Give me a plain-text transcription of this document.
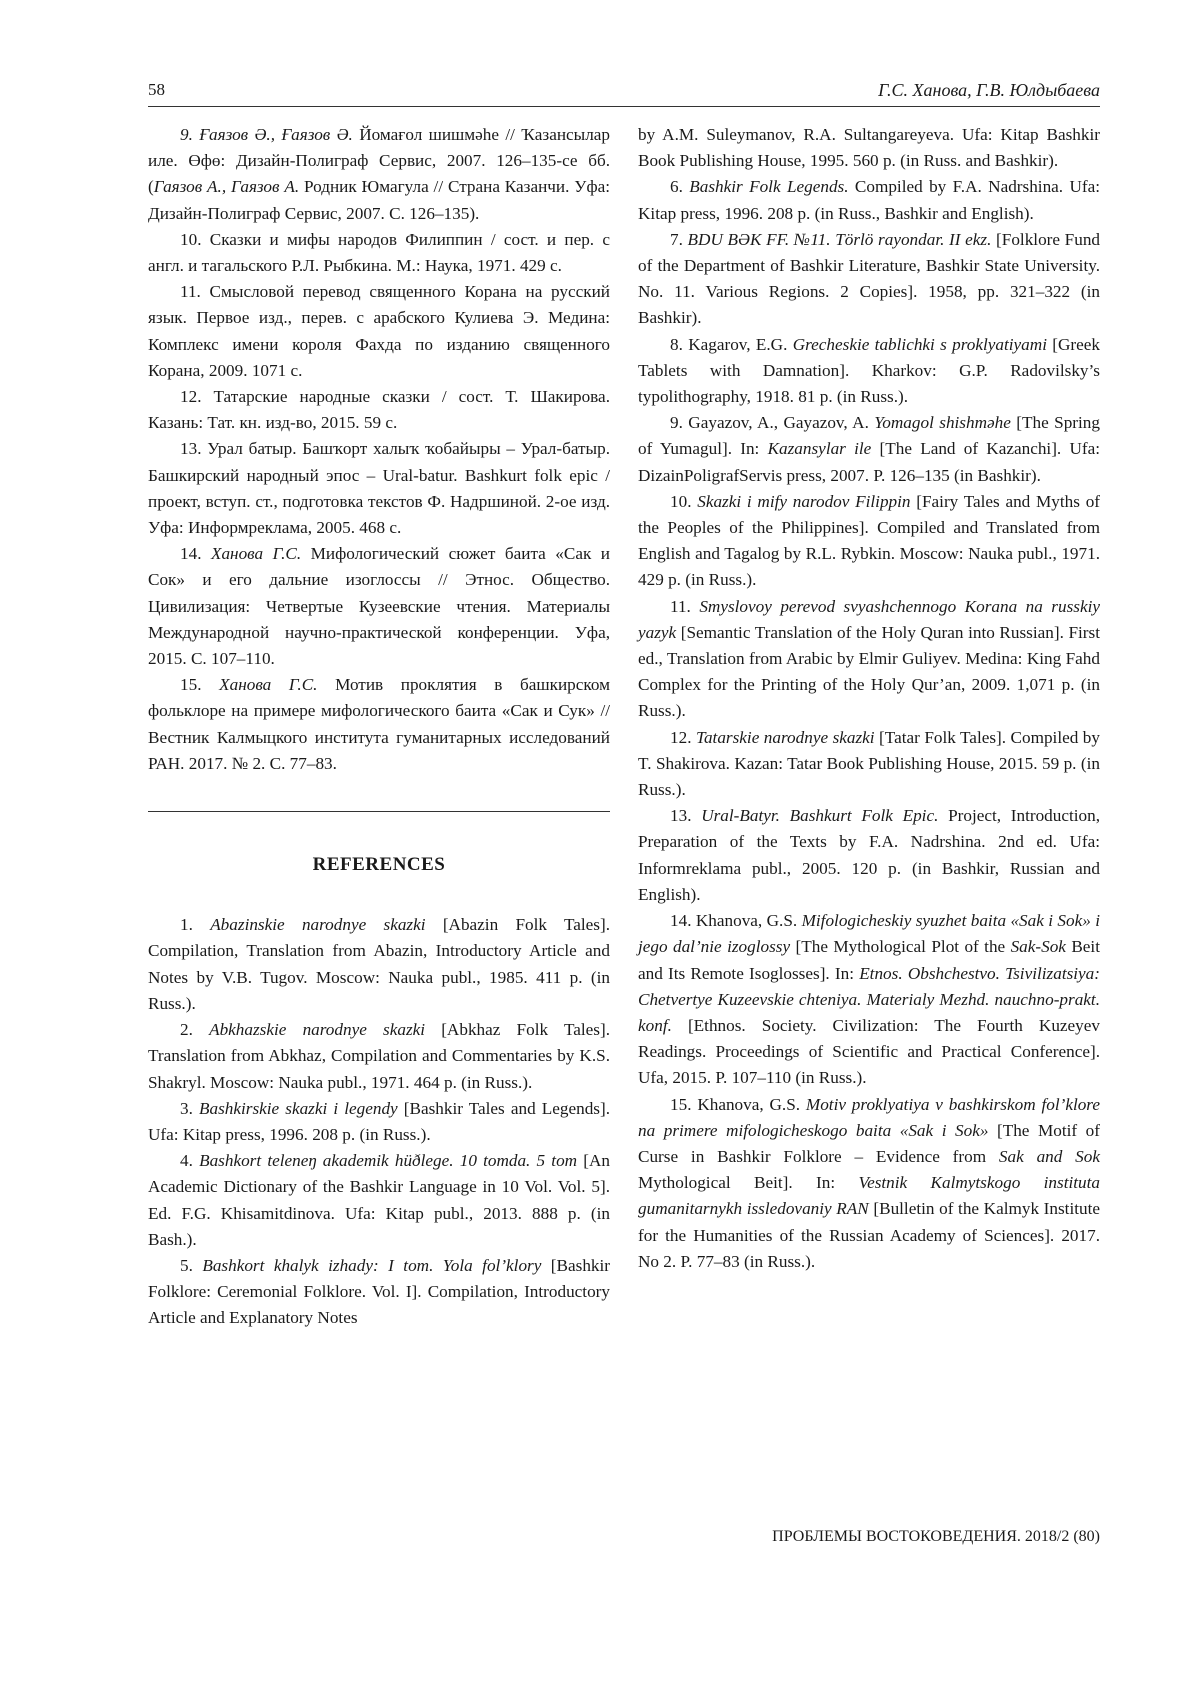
58	Г.С. Ханова, Г.В. Юлдыбаева

9. Ғаязов Ә., Ғаязов Ә. Йомағол шишмәһе // Ҡазансылар иле. Өфө: Дизайн-Полиграф Сервис, 2007. 126–135-се бб. (Гаязов А., Гаязов А. Родник Юмагула // Страна Казанчи. Уфа: Дизайн-Полиграф Сервис, 2007. С. 126–135).

10. Сказки и мифы народов Филиппин / сост. и пер. с англ. и тагальского Р.Л. Рыбкина. М.: Наука, 1971. 429 с.

11. Смысловой перевод священного Корана на русский язык. Первое изд., перев. с арабского Кулиева Э. Медина: Комплекс имени короля Фахда по изданию священного Корана, 2009. 1071 с.

12. Татарские народные сказки / сост. Т. Шакирова. Казань: Тат. кн. изд-во, 2015. 59 с.

13. Урал батыр. Башҡорт халыҡ ҡобайыры – Урал-батыр. Башкирский народный эпос – Ural-batur. Bashkurt folk epic / проект, вступ. ст., подготовка текстов Ф. Надршиной. 2-ое изд. Уфа: Информреклама, 2005. 468 с.

14. Ханова Г.С. Мифологический сюжет баита «Сак и Сок» и его дальние изоглоссы // Этнос. Общество. Цивилизация: Четвертые Кузеевские чтения. Материалы Международной научно-практической конференции. Уфа, 2015. С. 107–110.

15. Ханова Г.С. Мотив проклятия в башкирском фольклоре на примере мифологического баита «Сак и Сук» // Вестник Калмыцкого института гуманитарных исследований РАН. 2017. № 2. С. 77–83.

REFERENCES

1. Abazinskie narodnye skazki [Abazin Folk Tales]. Compilation, Translation from Abazin, Introductory Article and Notes by V.B. Tugov. Moscow: Nauka publ., 1985. 411 p. (in Russ.).

2. Abkhazskie narodnye skazki [Abkhaz Folk Tales]. Translation from Abkhaz, Compilation and Commentaries by K.S. Shakryl. Moscow: Nauka publ., 1971. 464 p. (in Russ.).

3. Bashkirskie skazki i legendy [Bashkir Tales and Legends]. Ufa: Kitap press, 1996. 208 p. (in Russ.).

4. Bashkort teleneŋ akademik hüðlege. 10 tomda. 5 tom [An Academic Dictionary of the Bashkir Language in 10 Vol. Vol. 5]. Ed. F.G. Khisamitdinova. Ufa: Kitap publ., 2013. 888 p. (in Bash.).

5. Bashkort khalyk izhady: I tom. Yola fol’klory [Bashkir Folklore: Ceremonial Folklore. Vol. I]. Compilation, Introductory Article and Explanatory Notes

by A.M. Suleymanov, R.A. Sultangareyeva. Ufa: Kitap Bashkir Book Publishing House, 1995. 560 p. (in Russ. and Bashkir).

6. Bashkir Folk Legends. Compiled by F.A. Nadrshina. Ufa: Kitap press, 1996. 208 p. (in Russ., Bashkir and English).

7. BDU BӘK FF. №11. Törlö rayondar. II ekz. [Folklore Fund of the Department of Bashkir Literature, Bashkir State University. No. 11. Various Regions. 2 Copies]. 1958, pp. 321–322 (in Bashkir).

8. Kagarov, E.G. Grecheskie tablichki s proklyatiyami [Greek Tablets with Damnation]. Kharkov: G.P. Radovilsky’s typolithography, 1918. 81 p. (in Russ.).

9. Gayazov, A., Gayazov, A. Yomagol shishmәhe [The Spring of Yumagul]. In: Kazansylar ile [The Land of Kazanchi]. Ufa: DizainPoligrafServis press, 2007. P. 126–135 (in Bashkir).

10. Skazki i mify narodov Filippin [Fairy Tales and Myths of the Peoples of the Philippines]. Compiled and Translated from English and Tagalog by R.L. Rybkin. Moscow: Nauka publ., 1971. 429 p. (in Russ.).

11. Smyslovoy perevod svyashchennogo Korana na russkiy yazyk [Semantic Translation of the Holy Quran into Russian]. First ed., Translation from Arabic by Elmir Guliyev. Medina: King Fahd Complex for the Printing of the Holy Qur’an, 2009. 1,071 p. (in Russ.).

12. Tatarskie narodnye skazki [Tatar Folk Tales]. Compiled by T. Shakirova. Kazan: Tatar Book Publishing House, 2015. 59 p. (in Russ.).

13. Ural-Batyr. Bashkurt Folk Epic. Project, Introduction, Preparation of the Texts by F.A. Nadrshina. 2nd ed. Ufa: Informreklama publ., 2005. 120 p. (in Bashkir, Russian and English).

14. Khanova, G.S. Mifologicheskiy syuzhet baita «Sak i Sok» i jego dal’nie izoglossy [The Mythological Plot of the Sak-Sok Beit and Its Remote Isoglosses]. In: Etnos. Obshchestvo. Tsivilizatsiya: Chetvertye Kuzeevskie chteniya. Materialy Mezhd. nauchno-prakt. konf. [Ethnos. Society. Civilization: The Fourth Kuzeyev Readings. Proceedings of Scientific and Practical Conference]. Ufa, 2015. P. 107–110 (in Russ.).

15. Khanova, G.S. Motiv proklyatiya v bashkirskom fol’klore na primere mifologicheskogo baita «Sak i Sok» [The Motif of Curse in Bashkir Folklore – Evidence from Sak and Sok Mythological Beit]. In: Vestnik Kalmytskogo instituta gumanitarnykh issledovaniy RAN [Bulletin of the Kalmyk Institute for the Humanities of the Russian Academy of Sciences]. 2017. No 2. P. 77–83 (in Russ.).

ПРОБЛЕМЫ ВОСТОКОВЕДЕНИЯ. 2018/2 (80)
